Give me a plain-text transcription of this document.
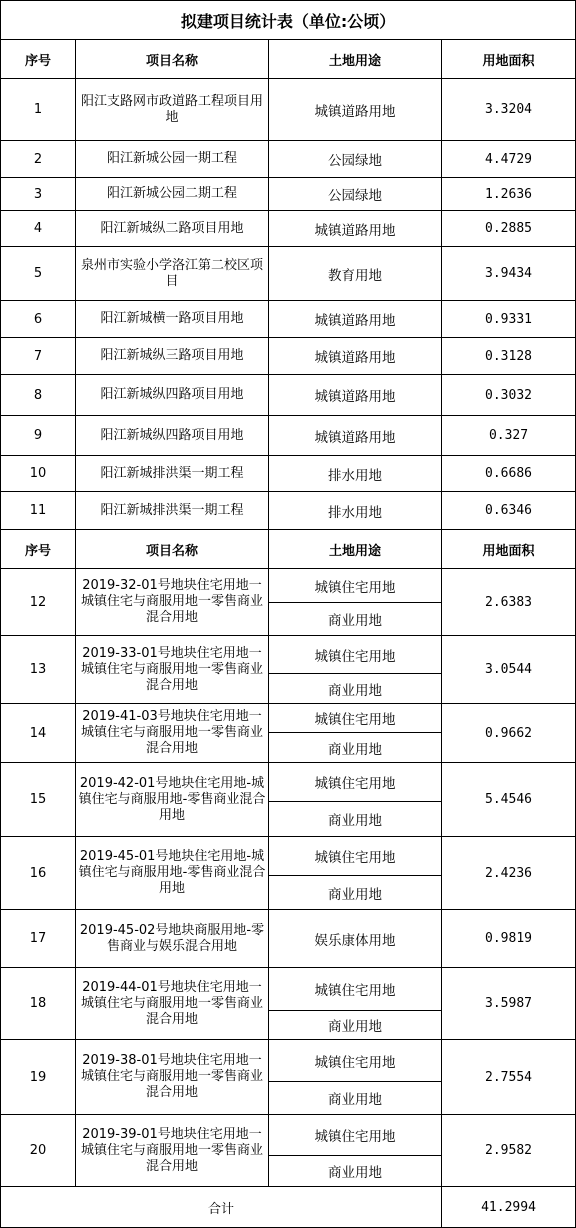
拟建项目统计表（单位:公顷）			
序号	项目名称	土地用途	用地面积
1	阳江支路网市政道路工程项目用地	城镇道路用地	3.3204
2	阳江新城公园一期工程	公园绿地	4.4729
3	阳江新城公园二期工程	公园绿地	1.2636
4	阳江新城纵二路项目用地	城镇道路用地	0.2885
5	泉州市实验小学洛江第二校区项目	教育用地	3.9434
6	阳江新城横一路项目用地	城镇道路用地	0.9331
7	阳江新城纵三路项目用地	城镇道路用地	0.3128
8	阳江新城纵四路项目用地	城镇道路用地	0.3032
9	阳江新城纵四路项目用地	城镇道路用地	0.327
10	阳江新城排洪渠一期工程	排水用地	0.6686
11	阳江新城排洪渠一期工程	排水用地	0.6346
序号	项目名称	土地用途	用地面积
12	2019-32-01号地块住宅用地一城镇住宅与商服用地一零售商业混合用地	城镇住宅用地
商业用地	2.6383
13	2019-33-01号地块住宅用地一城镇住宅与商服用地一零售商业混合用地	城镇住宅用地
商业用地	3.0544
14	2019-41-03号地块住宅用地一城镇住宅与商服用地一零售商业混合用地	城镇住宅用地
商业用地	0.9662
15	2019-42-01号地块住宅用地-城镇住宅与商服用地-零售商业混合用地	城镇住宅用地
商业用地	5.4546
16	2019-45-01号地块住宅用地-城镇住宅与商服用地-零售商业混合用地	城镇住宅用地
商业用地	2.4236
17	2019-45-02号地块商服用地-零售商业与娱乐混合用地	娱乐康体用地	0.9819
18	2019-44-01号地块住宅用地一城镇住宅与商服用地一零售商业混合用地	城镇住宅用地
商业用地	3.5987
19	2019-38-01号地块住宅用地一城镇住宅与商服用地一零售商业混合用地	城镇住宅用地
商业用地	2.7554
20	2019-39-01号地块住宅用地一城镇住宅与商服用地一零售商业混合用地	城镇住宅用地
商业用地	2.9582
合计			41.2994
